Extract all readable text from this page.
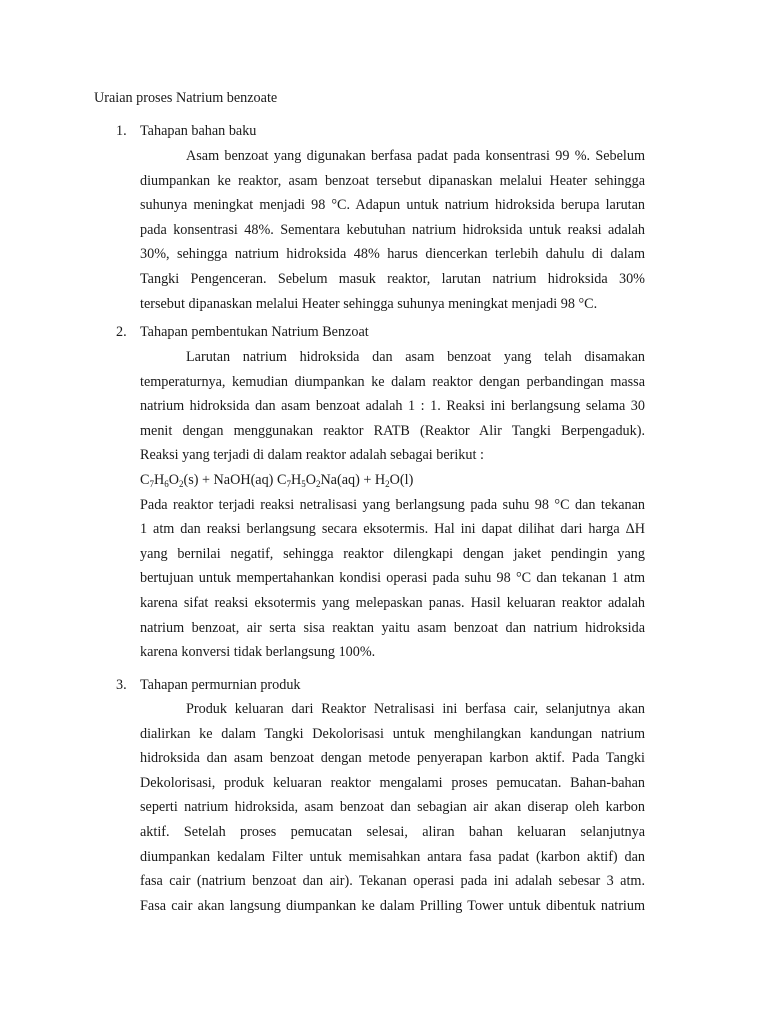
Uraian proses Natrium benzoate
1. Tahapan bahan baku
Asam benzoat yang digunakan berfasa padat pada konsentrasi 99 %. Sebelum
diumpankan ke reaktor, asam benzoat tersebut dipanaskan melalui Heater sehingga
suhunya meningkat menjadi 98 °C. Adapun untuk natrium hidroksida berupa larutan
pada konsentrasi 48%. Sementara kebutuhan natrium hidroksida untuk reaksi adalah
30%, sehingga natrium hidroksida 48% harus diencerkan terlebih dahulu di dalam
Tangki Pengenceran. Sebelum masuk reaktor, larutan natrium hidroksida 30%
tersebut dipanaskan melalui Heater sehingga suhunya meningkat menjadi 98 °C.
2. Tahapan pembentukan Natrium Benzoat
Larutan natrium hidroksida dan asam benzoat yang telah disamakan
temperaturnya, kemudian diumpankan ke dalam reaktor dengan perbandingan massa
natrium hidroksida dan asam benzoat adalah 1 : 1. Reaksi ini berlangsung selama 30
menit dengan menggunakan reaktor RATB (Reaktor Alir Tangki Berpengaduk).
Reaksi yang terjadi di dalam reaktor adalah sebagai berikut :
$C_7H_6O_2(s)$ + NaOH(aq) $C_7H_5O_2Na(aq) + H_2O(l)$
Pada reaktor terjadi reaksi netralisasi yang berlangsung pada suhu 98 °C dan tekanan
1 atm dan reaksi berlangsung secara eksotermis. Hal ini dapat dilihat dari harga ΔH
yang bernilai negatif, sehingga reaktor dilengkapi dengan jaket pendingin yang
bertujuan untuk mempertahankan kondisi operasi pada suhu 98 °C dan tekanan 1 atm
karena sifat reaksi eksotermis yang melepaskan panas. Hasil keluaran reaktor adalah
natrium benzoat, air serta sisa reaktan yaitu asam benzoat dan natrium hidroksida
karena konversi tidak berlangsung 100%.
3. Tahapan permurnian produk
Produk keluaran dari Reaktor Netralisasi ini berfasa cair, selanjutnya akan
dialirkan ke dalam Tangki Dekolorisasi untuk menghilangkan kandungan natrium
hidroksida dan asam benzoat dengan metode penyerapan karbon aktif. Pada Tangki
Dekolorisasi, produk keluaran reaktor mengalami proses pemucatan. Bahan-bahan
seperti natrium hidroksida, asam benzoat dan sebagian air akan diserap oleh karbon
aktif. Setelah proses pemucatan selesai, aliran bahan keluaran selanjutnya
diumpankan kedalam Filter untuk memisahkan antara fasa padat (karbon aktif) dan
fasa cair (natrium benzoat dan air). Tekanan operasi pada ini adalah sebesar 3 atm.
Fasa cair akan langsung diumpankan ke dalam Prilling Tower untuk dibentuk natrium
